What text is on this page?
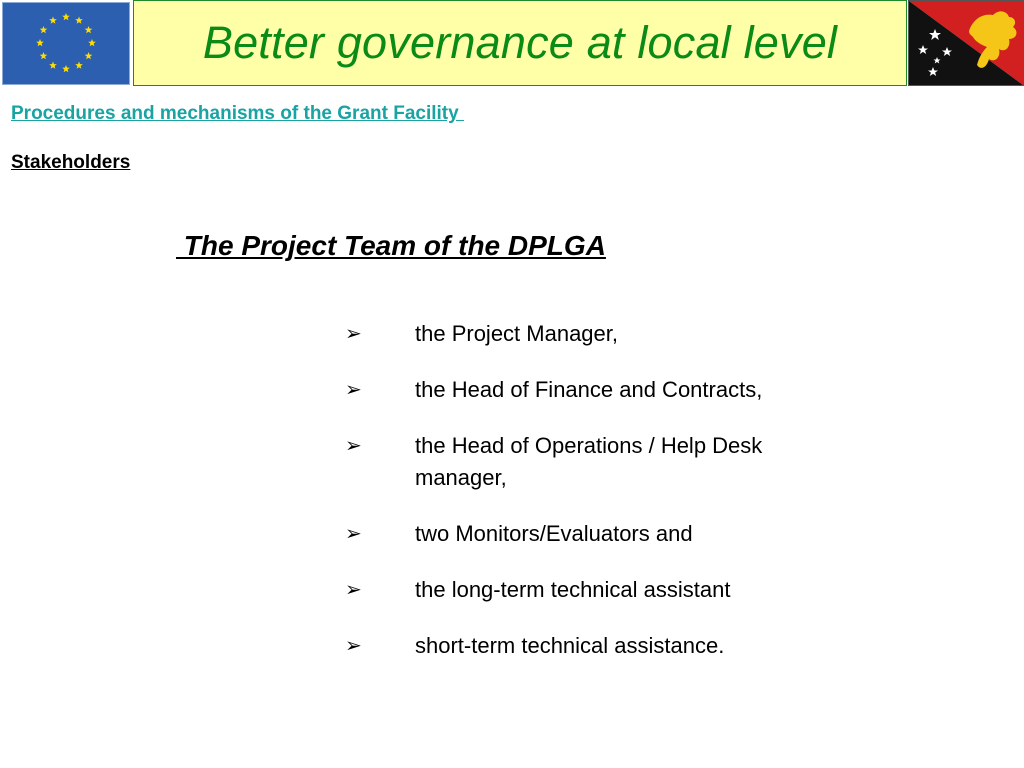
Better governance at local level
Procedures and mechanisms of the Grant Facility
Stakeholders
The Project Team of the DPLGA
➢ the Project Manager,
➢ the Head of Finance and Contracts,
➢ the Head of Operations / Help Desk manager,
➢ two Monitors/Evaluators and
➢ the long-term technical assistant
➢ short-term technical assistance.
